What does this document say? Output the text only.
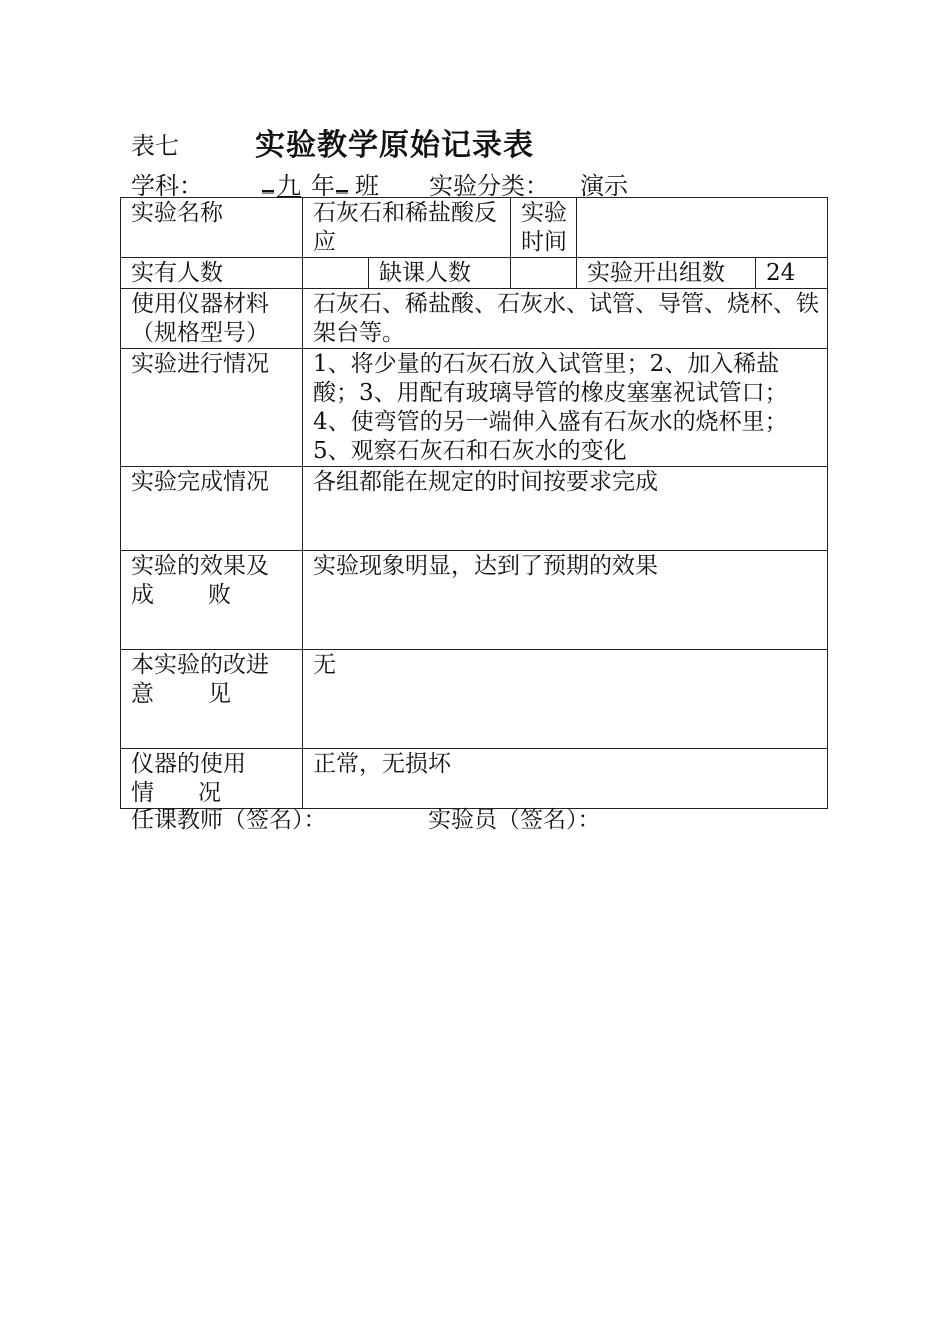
表七	实验教学原始记录表
学科： _ 九 年 _ 班 实验分类： 演示
实验名称	石灰石和稀盐酸反应		实验时间		
实有人数		缺课人数		实验开出组数	24
使用仪器材料（规格型号）	石灰石、稀盐酸、石灰水、试管、导管、烧杯、铁架台等。				
实验进行情况	1、将少量的石灰石放入试管里；2、加入稀盐酸；3、用配有玻璃导管的橡皮塞塞祝试管口；4、使弯管的另一端伸入盛有石灰水的烧杯里；5、观察石灰石和石灰水的变化				
实验完成情况	各组都能在规定的时间按要求完成				

实验的效果及
成 败	实验现象明显，达到了预期的效果				

本实验的改进
意 见	无				

仪器的使用
情 况	正常，无损坏				
任课教师（签名）：	实验员（签名）：
